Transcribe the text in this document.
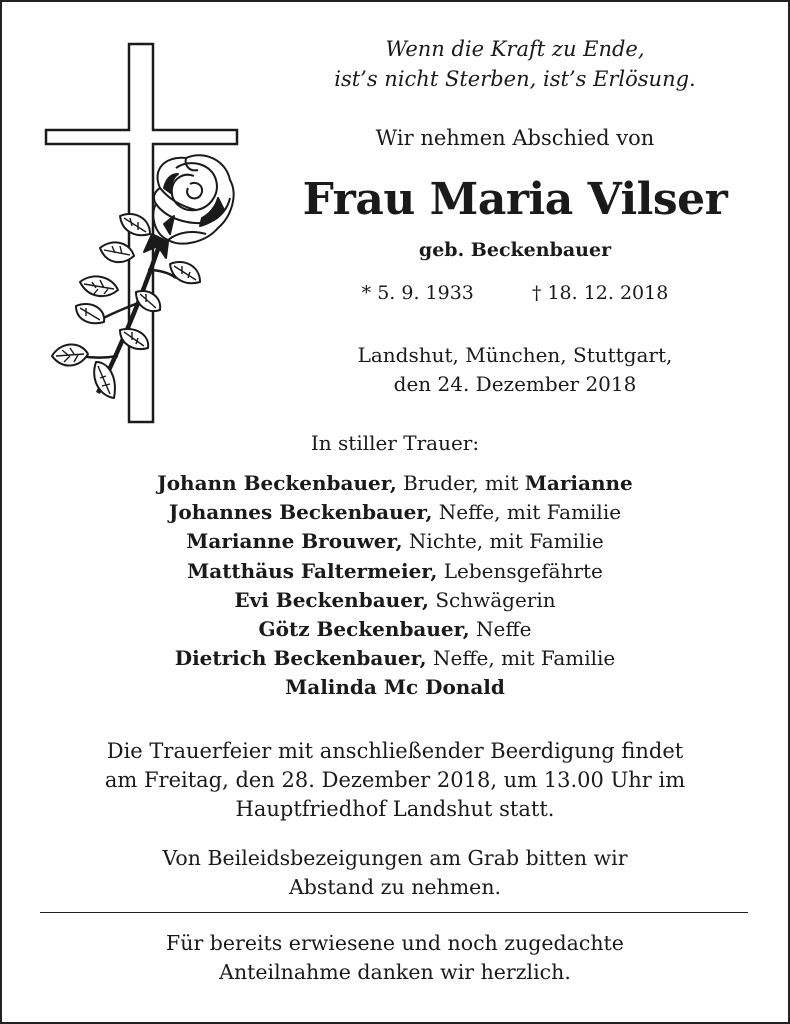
Wenn die Kraft zu Ende,
ist’s nicht Sterben, ist’s Erlösung.
Wir nehmen Abschied von
Frau Maria Vilser
geb. Beckenbauer
* 5. 9. 1933	† 18. 12. 2018
Landshut, München, Stuttgart,
den 24. Dezember 2018
In stiller Trauer:
Johann Beckenbauer, Bruder, mit Marianne
Johannes Beckenbauer, Neffe, mit Familie
Marianne Brouwer, Nichte, mit Familie
Matthäus Faltermeier, Lebensgefährte
Evi Beckenbauer, Schwägerin
Götz Beckenbauer, Neffe
Dietrich Beckenbauer, Neffe, mit Familie
Malinda Mc Donald

Die Trauerfeier mit anschließender Beerdigung findet

am Freitag, den 28. Dezember 2018, um 13.00 Uhr im

Hauptfriedhof Landshut statt.

Von Beileidsbezeigungen am Grab bitten wir
Abstand zu nehmen.
Für bereits erwiesene und noch zugedachte
Anteilnahme danken wir herzlich.
